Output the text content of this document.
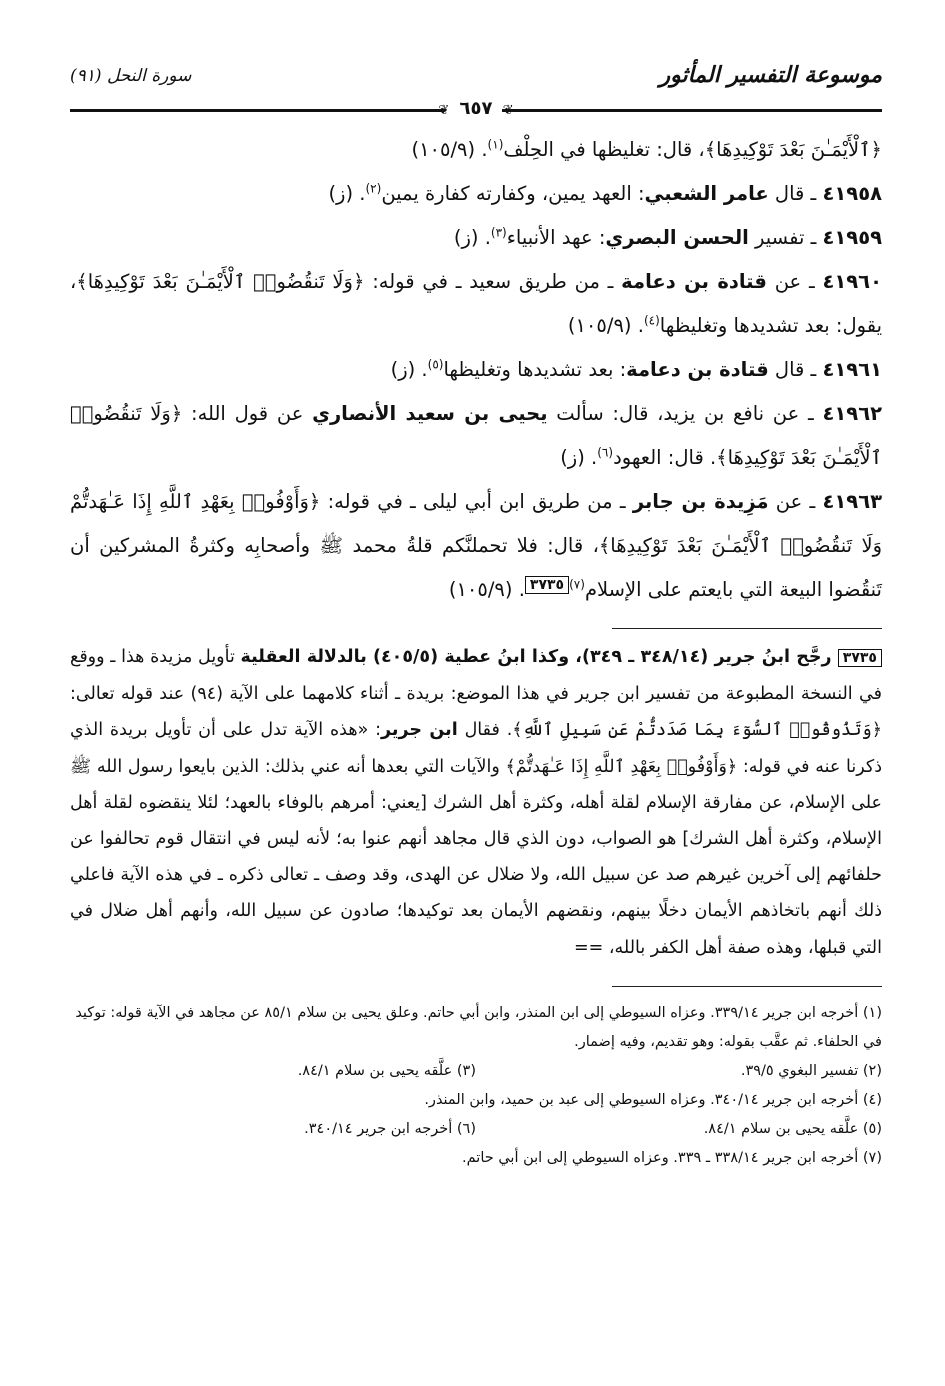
موسوعة التفسير المأثور
سورة النحل (٩١)
❦ ٦٥٧ ❦

﴿ٱلْأَيْمَـٰنَ بَعْدَ تَوْكِيدِهَا﴾، قال: تغليظها في الحِلْف$^{(١)}$. (١٠٥/٩)

٤١٩٥٨ ـ قال عامر الشعبي: العهد يمين، وكفارته كفارة يمين$^{(٢)}$. (ز)

٤١٩٥٩ ـ تفسير الحسن البصري: عهد الأنبياء$^{(٣)}$. (ز)

٤١٩٦٠ ـ عن قتادة بن دعامة ـ من طريق سعيد ـ في قوله: ﴿وَلَا تَنقُضُوا۟ ٱلْأَيْمَـٰنَ بَعْدَ تَوْكِيدِهَا﴾، يقول: بعد تشديدها وتغليظها$^{(٤)}$. (١٠٥/٩)

٤١٩٦١ ـ قال قتادة بن دعامة: بعد تشديدها وتغليظها$^{(٥)}$. (ز)

٤١٩٦٢ ـ عن نافع بن يزيد، قال: سألت يحيى بن سعيد الأنصاري عن قول الله: ﴿وَلَا تَنقُضُوا۟ ٱلْأَيْمَـٰنَ بَعْدَ تَوْكِيدِهَا﴾. قال: العهود$^{(٦)}$. (ز)

٤١٩٦٣ ـ عن مَزِيدة بن جابر ـ من طريق ابن أبي ليلى ـ في قوله: ﴿وَأَوْفُوا۟ بِعَهْدِ ٱللَّهِ إِذَا عَـٰهَدتُّمْ وَلَا تَنقُضُوا۟ ٱلْأَيْمَـٰنَ بَعْدَ تَوْكِيدِهَا﴾، قال: فلا تحملنَّكم قلةُ محمد ﷺ وأصحابِه وكثرةُ المشركين أن تَنقُضوا البيعة التي بايعتم على الإسلام$^{(٧)٣٧٣٥}$. (١٠٥/٩)

٣٧٣٥ رجَّح ابنُ جرير (٣٤٨/١٤ ـ ٣٤٩)، وكذا ابنُ عطية (٤٠٥/٥) بالدلالة العقلية تأويل مزيدة هذا ـ ووقع في النسخة المطبوعة من تفسير ابن جرير في هذا الموضع: بريدة ـ أثناء كلامهما على الآية (٩٤) عند قوله تعالى: ﴿وَتَذُوقُوا۟ ٱلسُّوٓءَ بِمَا صَدَدتُّمْ عَن سَبِيلِ ٱللَّهِ﴾. فقال ابن جرير: «هذه الآية تدل على أن تأويل بريدة الذي ذكرنا عنه في قوله: ﴿وَأَوْفُوا۟ بِعَهْدِ ٱللَّهِ إِذَا عَـٰهَدتُّمْ﴾ والآيات التي بعدها أنه عني بذلك: الذين بايعوا رسول الله ﷺ على الإسلام، عن مفارقة الإسلام لقلة أهله، وكثرة أهل الشرك [يعني: أمرهم بالوفاء بالعهد؛ لئلا ينقضوه لقلة أهل الإسلام، وكثرة أهل الشرك] هو الصواب، دون الذي قال مجاهد أنهم عنوا به؛ لأنه ليس في انتقال قوم تحالفوا عن حلفائهم إلى آخرين غيرهم صد عن سبيل الله، ولا ضلال عن الهدى، وقد وصف ـ تعالى ذكره ـ في هذه الآية فاعلي ذلك أنهم باتخاذهم الأيمان دخلًا بينهم، ونقضهم الأيمان بعد توكيدها؛ صادون عن سبيل الله، وأنهم أهل ضلال في التي قبلها، وهذه صفة أهل الكفر بالله، ==

(١) أخرجه ابن جرير ٣٣٩/١٤. وعزاه السيوطي إلى ابن المنذر، وابن أبي حاتم. وعلق يحيى بن سلام ٨٥/١ عن مجاهد في الآية قوله: توكيد في الحلفاء. ثم عقَّب بقوله: وهو تقديم، وفيه إضمار.

(٢) تفسير البغوي ٣٩/٥.
(٣) علَّقه يحيى بن سلام ٨٤/١.

(٤) أخرجه ابن جرير ٣٤٠/١٤. وعزاه السيوطي إلى عبد بن حميد، وابن المنذر.

(٥) علَّقه يحيى بن سلام ٨٤/١.
(٦) أخرجه ابن جرير ٣٤٠/١٤.

(٧) أخرجه ابن جرير ٣٣٨/١٤ ـ ٣٣٩. وعزاه السيوطي إلى ابن أبي حاتم.
